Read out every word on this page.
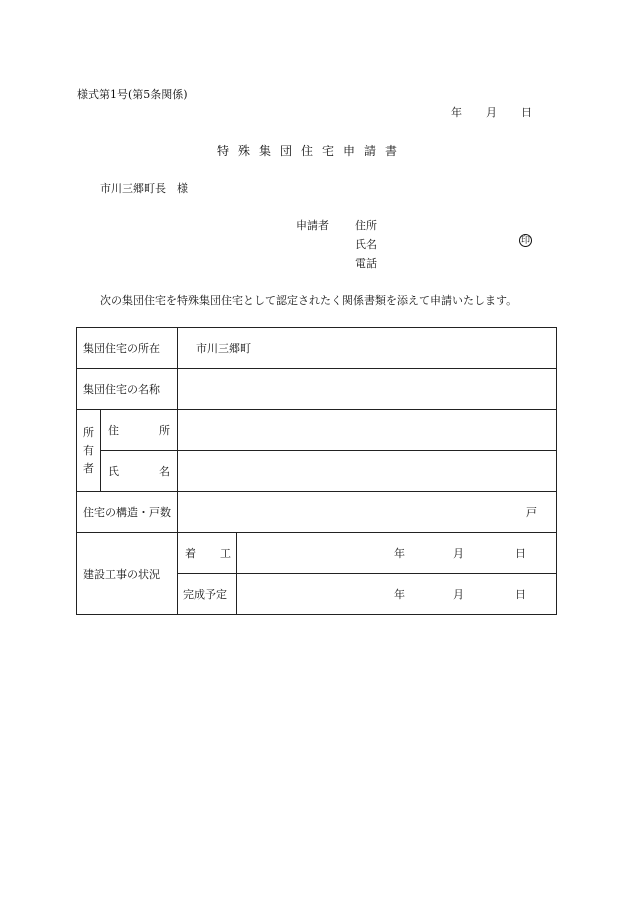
様式第1号(第5条関係)
年 月 日
特殊集団住宅申請書
市川三郷町長　様
申請者 住所
氏名	印
電話
次の集団住宅を特殊集団住宅として認定されたく関係書類を添えて申請いたします。
集団住宅の所在		市川三郷町	
集団住宅の名称			
所
有
者	住 所		

	氏 名		

住宅の構造・戸数		戸	
建設工事の状況		着 工	年 月 日

		完成予定	年 月 日
